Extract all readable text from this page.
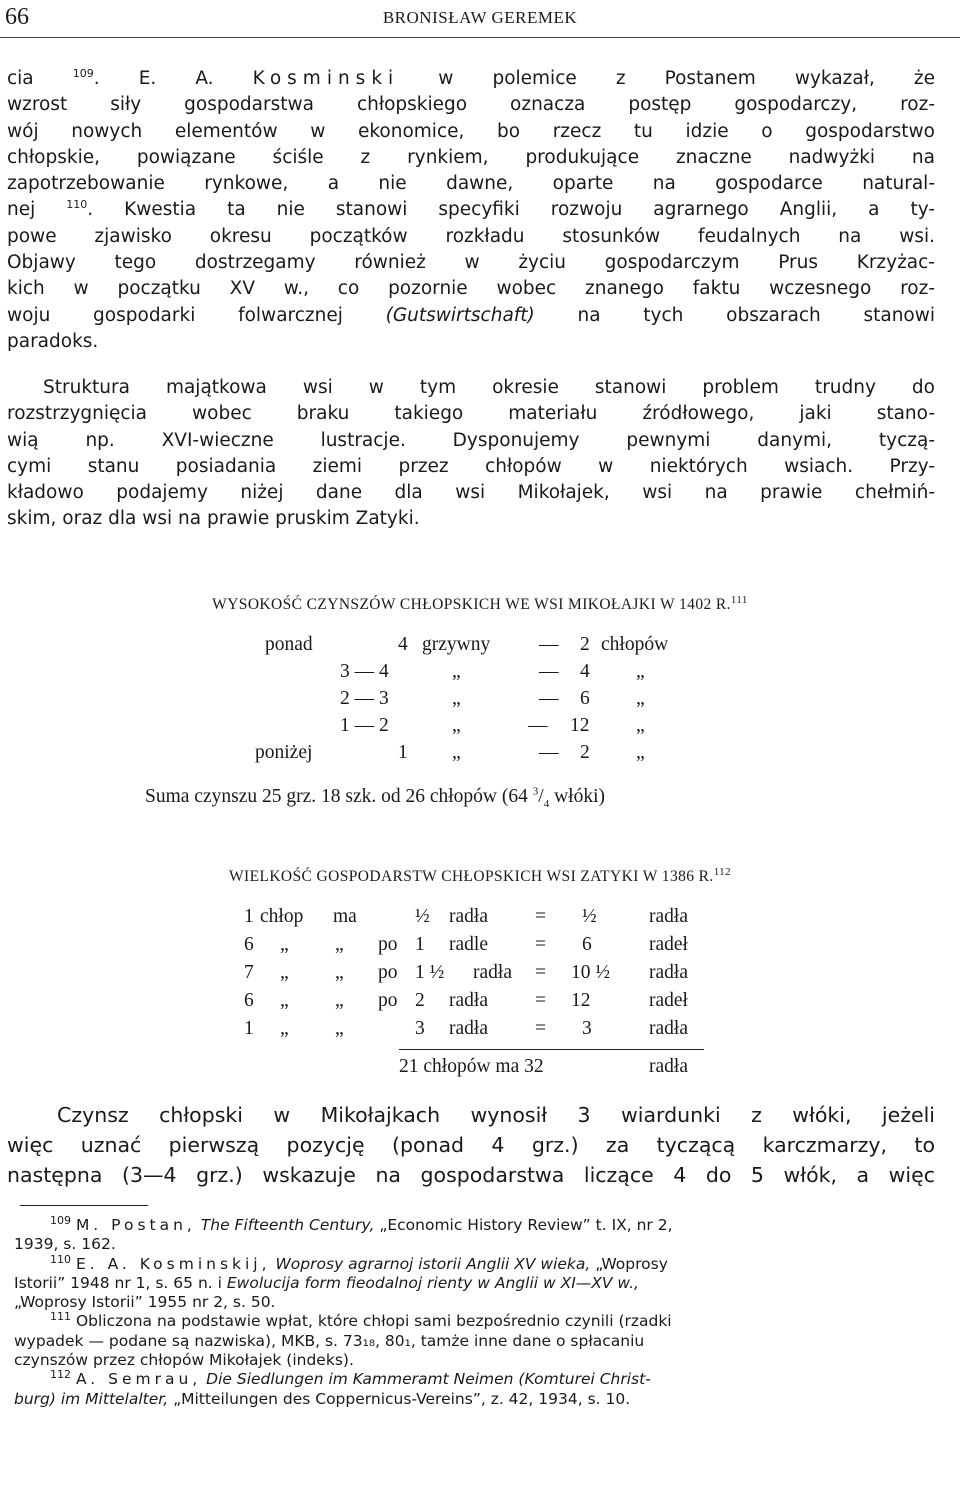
66	BRONISŁAW GEREMEK
cia $^{109}$. E. A. Kosminski w polemice z Postanem wykazał, że
wzrost siły gospodarstwa chłopskiego oznacza postęp gospodarczy, roz-
wój nowych elementów w ekonomice, bo rzecz tu idzie o gospodarstwo
chłopskie, powiązane ściśle z rynkiem, produkujące znaczne nadwyżki na
zapotrzebowanie rynkowe, a nie dawne, oparte na gospodarce natural-
nej $^{110}$. Kwestia ta nie stanowi specyfiki rozwoju agrarnego Anglii, a ty-
powe zjawisko okresu początków rozkładu stosunków feudalnych na wsi.
Objawy tego dostrzegamy również w życiu gospodarczym Prus Krzyżac-
kich w początku XV w., co pozornie wobec znanego faktu wczesnego roz-
woju gospodarki folwarcznej (Gutswirtschaft) na tych obszarach stanowi
paradoks.
Struktura majątkowa wsi w tym okresie stanowi problem trudny do
rozstrzygnięcia wobec braku takiego materiału źródłowego, jaki stano-
wią np. XVI-wieczne lustracje. Dysponujemy pewnymi danymi, tyczą-
cymi stanu posiadania ziemi przez chłopów w niektórych wsiach. Przy-
kładowo podajemy niżej dane dla wsi Mikołajek, wsi na prawie chełmiń-
skim, oraz dla wsi na prawie pruskim Zatyki.
WYSOKOŚĆ CZYNSZÓW CHŁOPSKICH WE WSI MIKOŁAJKI W 1402 R.$^{111}$
ponad	4 grzywny	— 2 chłopów
3 — 4	„	— 4 „
2 — 3	„	— 6 „
1 — 2	„	— 12 „
poniżej	1 „	— 2 „
Suma czynszu 25 grz. 18 szk. od 26 chłopów (64 $^3/_4$ włóki)
WIELKOŚĆ GOSPODARSTW CHŁOPSKICH WSI ZATYKI W 1386 R.$^{112}$
1 chłop ma	½ radła = ½	radła
6 „ „ po 1 radle = 6	radeł
7 „ „ po 1 ½ radła = 10 ½ radła
6 „ „ po 2 radła = 12	radeł
1 „ „	3 radła = 3	radła
21 chłopów ma 32	radła
Czynsz chłopski w Mikołajkach wynosił 3 wiardunki z włóki, jeżeli
więc uznać pierwszą pozycję (ponad 4 grz.) za tyczącą karczmarzy, to
następna (3—4 grz.) wskazuje na gospodarstwa liczące 4 do 5 włók, a więc
$^{109}$ M. Postan, The Fifteenth Century, „Economic History Review” t. IX, nr 2,
1939, s. 162.
$^{110}$ E. A. Kosminskij, Woprosy agrarnoj istorii Anglii XV wieka, „Woprosy
Istorii” 1948 nr 1, s. 65 n. i Ewolucija form fieodalnoj rienty w Anglii w XI—XV w.,
„Woprosy Istorii” 1955 nr 2, s. 50.
$^{111}$ Obliczona na podstawie wpłat, które chłopi sami bezpośrednio czynili (rzadki
wypadek — podane są nazwiska), MKB, s. 73₁₈, 80₁, tamże inne dane o spłacaniu
czynszów przez chłopów Mikołajek (indeks).
$^{112}$ A. Semrau, Die Siedlungen im Kammeramt Neimen (Komturei Christ-
burg) im Mittelalter, „Mitteilungen des Coppernicus-Vereins”, z. 42, 1934, s. 10.
